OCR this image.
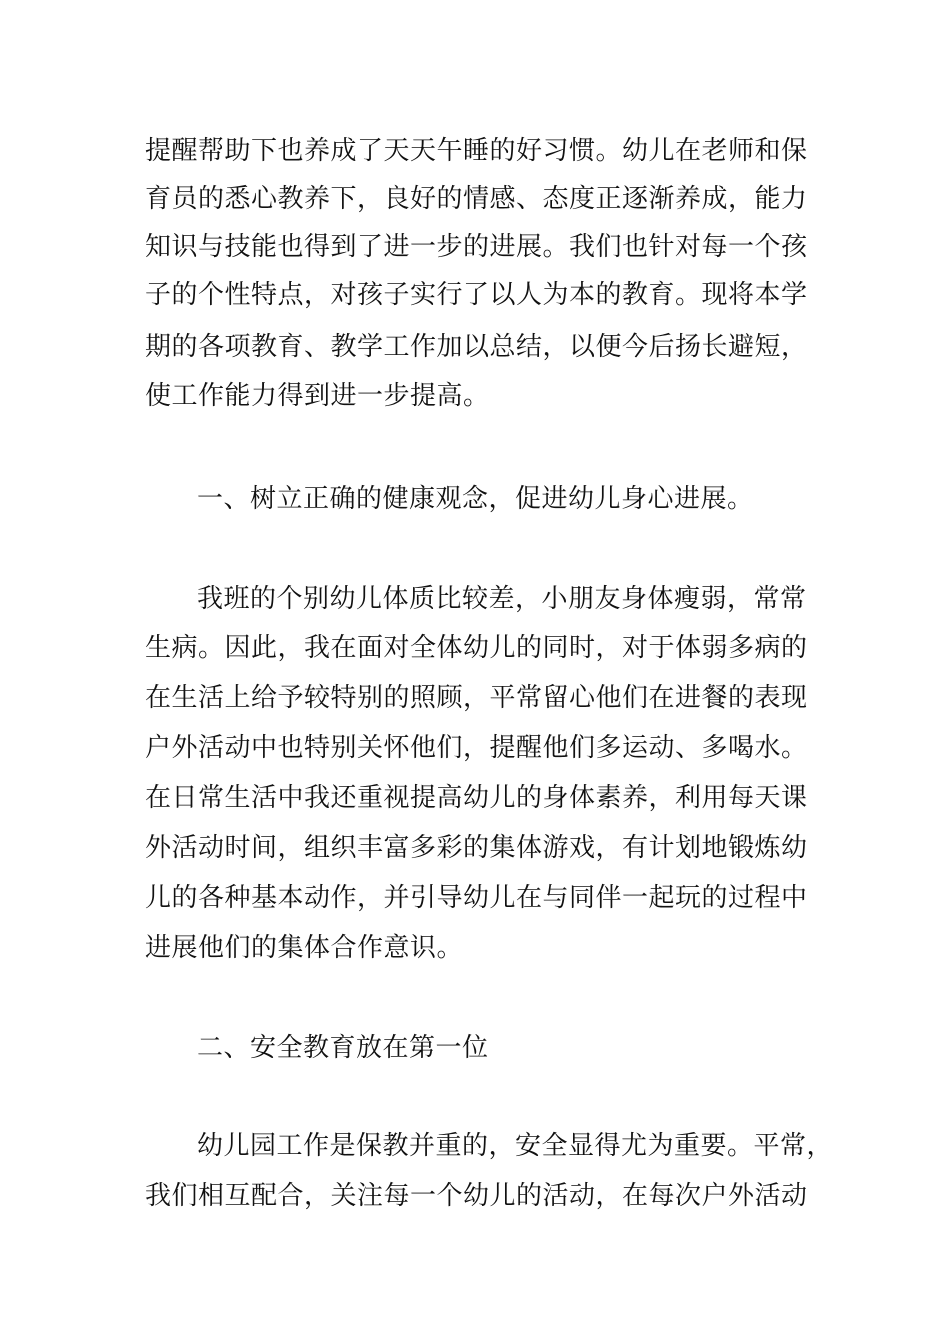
提醒帮助下也养成了天天午睡的好习惯。幼儿在老师和保
育员的悉心教养下，良好的情感、态度正逐渐养成，能力
知识与技能也得到了进一步的进展。我们也针对每一个孩
子的个性特点，对孩子实行了以人为本的教育。现将本学
期的各项教育、教学工作加以总结，以便今后扬长避短，
使工作能力得到进一步提高。
一、树立正确的健康观念，促进幼儿身心进展。
我班的个别幼儿体质比较差，小朋友身体瘦弱，常常
生病。因此，我在面对全体幼儿的同时，对于体弱多病的
在生活上给予较特别的照顾，平常留心他们在进餐的表现
户外活动中也特别关怀他们，提醒他们多运动、多喝水。
在日常生活中我还重视提高幼儿的身体素养，利用每天课
外活动时间，组织丰富多彩的集体游戏，有计划地锻炼幼
儿的各种基本动作，并引导幼儿在与同伴一起玩的过程中
进展他们的集体合作意识。
二、安全教育放在第一位
幼儿园工作是保教并重的，安全显得尤为重要。平常，
我们相互配合，关注每一个幼儿的活动，在每次户外活动
